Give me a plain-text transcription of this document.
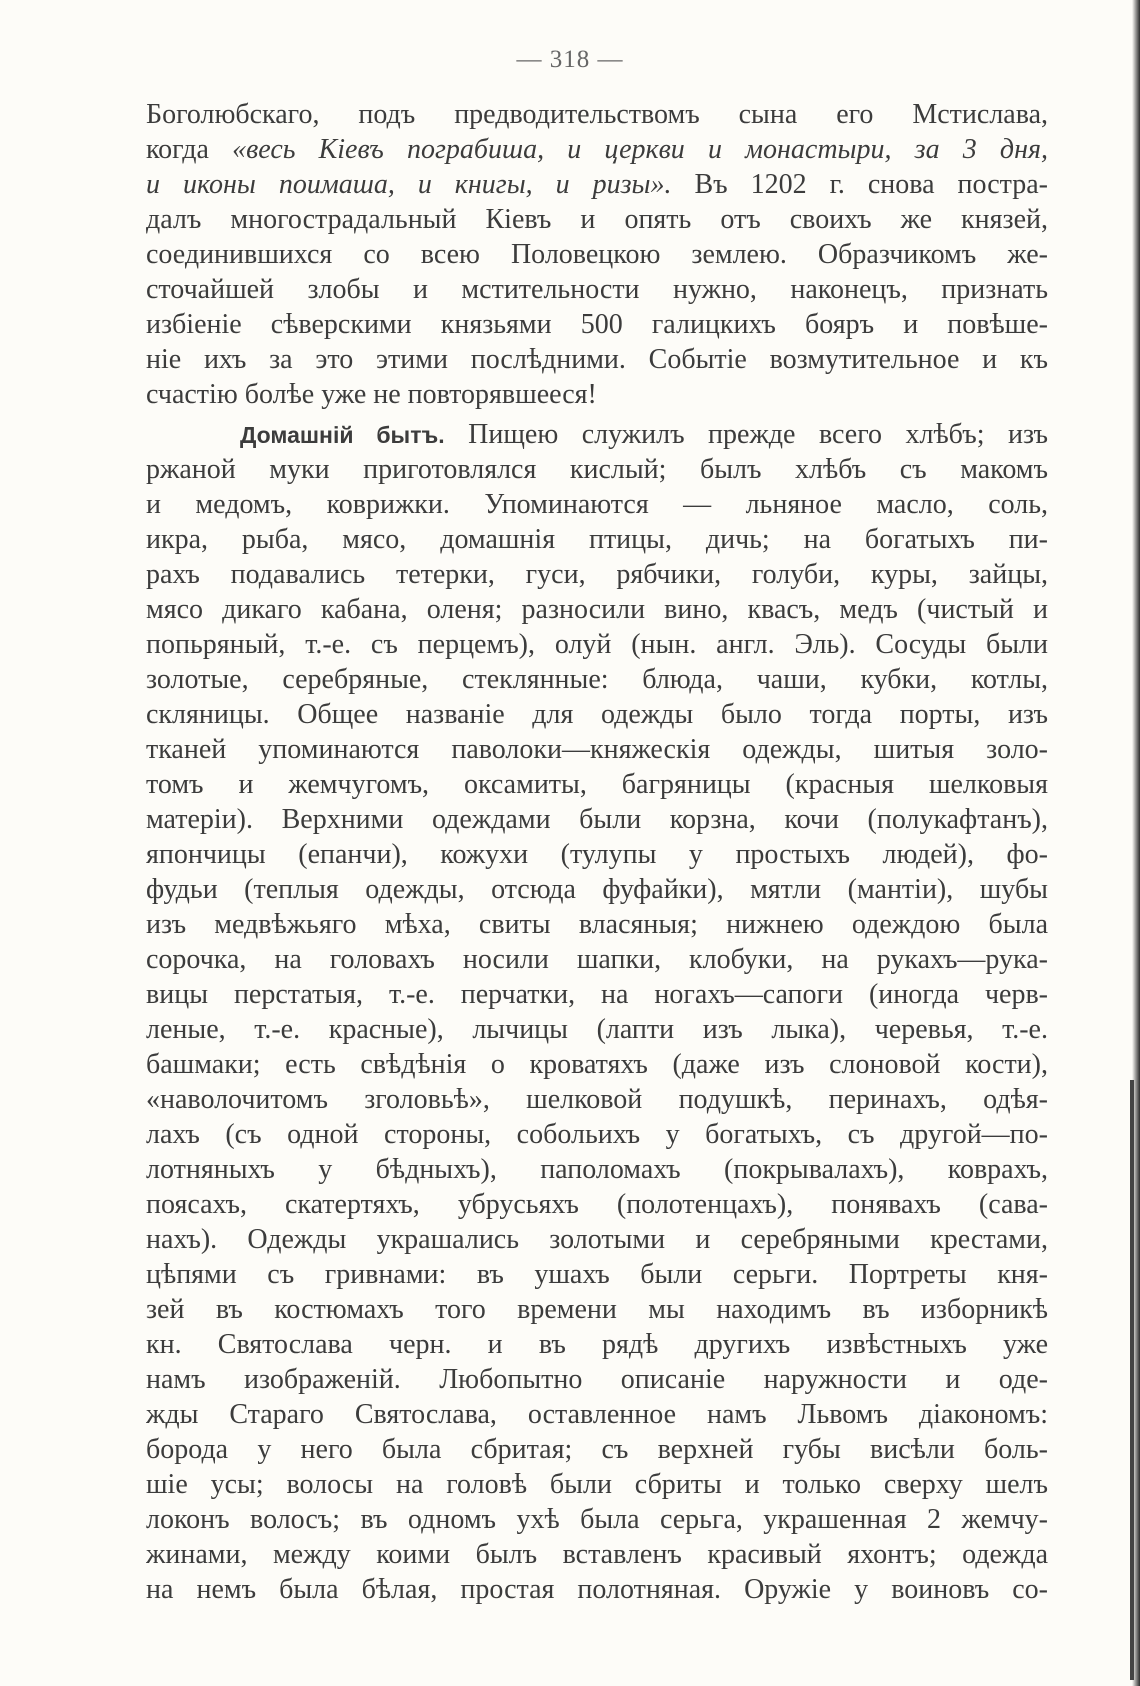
— 318 —
Боголюбскаго, подъ предводительствомъ сына его Мстислава,
когда «весь Кіевъ пограбиша, и церкви и монастыри, за 3 дня,
и иконы поимаша, и книгы, и ризы». Въ 1202 г. снова постра-
далъ многострадальный Кіевъ и опять отъ своихъ же князей,
соединившихся со всею Половецкою землею. Образчикомъ же-
сточайшей злобы и мстительности нужно, наконецъ, признать
избіеніе сѣверскими князьями 500 галицкихъ бояръ и повѣше-
ніе ихъ за это этими послѣдними. Событіе возмутительное и къ
счастію болѣе уже не повторявшееся!
Домашній бытъ. Пищею служилъ прежде всего хлѣбъ; изъ
ржаной муки приготовлялся кислый; былъ хлѣбъ съ макомъ
и медомъ, коврижки. Упоминаются — льняное масло, соль,
икра, рыба, мясо, домашнія птицы, дичь; на богатыхъ пи-
рахъ подавались тетерки, гуси, рябчики, голуби, куры, зайцы,
мясо дикаго кабана, оленя; разносили вино, квасъ, медъ (чистый и
попьряный, т.-е. съ перцемъ), олуй (нын. англ. Эль). Сосуды были
золотые, серебряные, стеклянные: блюда, чаши, кубки, котлы,
скляницы. Общее названіе для одежды было тогда порты, изъ
тканей упоминаются паволоки—княжескія одежды, шитыя золо-
томъ и жемчугомъ, оксамиты, багряницы (красныя шелковыя
матеріи). Верхними одеждами были корзна, кочи (полукафтанъ),
япончицы (епанчи), кожухи (тулупы у простыхъ людей), фо-
фудьи (теплыя одежды, отсюда фуфайки), мятли (мантіи), шубы
изъ медвѣжьяго мѣха, свиты власяныя; нижнею одеждою была
сорочка, на головахъ носили шапки, клобуки, на рукахъ—рука-
вицы перстатыя, т.-е. перчатки, на ногахъ—сапоги (иногда черв-
леные, т.-е. красные), лычицы (лапти изъ лыка), черевья, т.-е.
башмаки; есть свѣдѣнія о кроватяхъ (даже изъ слоновой кости),
«наволочитомъ зголовьѣ», шелковой подушкѣ, перинахъ, одѣя-
лахъ (съ одной стороны, собольихъ у богатыхъ, съ другой—по-
лотняныхъ у бѣдныхъ), паполомахъ (покрывалахъ), коврахъ,
поясахъ, скатертяхъ, убрусьяхъ (полотенцахъ), понявахъ (сава-
нахъ). Одежды украшались золотыми и серебряными крестами,
цѣпями съ гривнами: въ ушахъ были серьги. Портреты кня-
зей въ костюмахъ того времени мы находимъ въ изборникѣ
кн. Святослава черн. и въ рядѣ другихъ извѣстныхъ уже
намъ изображеній. Любопытно описаніе наружности и оде-
жды Стараго Святослава, оставленное намъ Львомъ діакономъ:
борода у него была сбритая; съ верхней губы висѣли боль-
шіе усы; волосы на головѣ были сбриты и только сверху шелъ
локонъ волосъ; въ одномъ ухѣ была серьга, украшенная 2 жемчу-
жинами, между коими былъ вставленъ красивый яхонтъ; одежда
на немъ была бѣлая, простая полотняная. Оружіе у воиновъ со-
